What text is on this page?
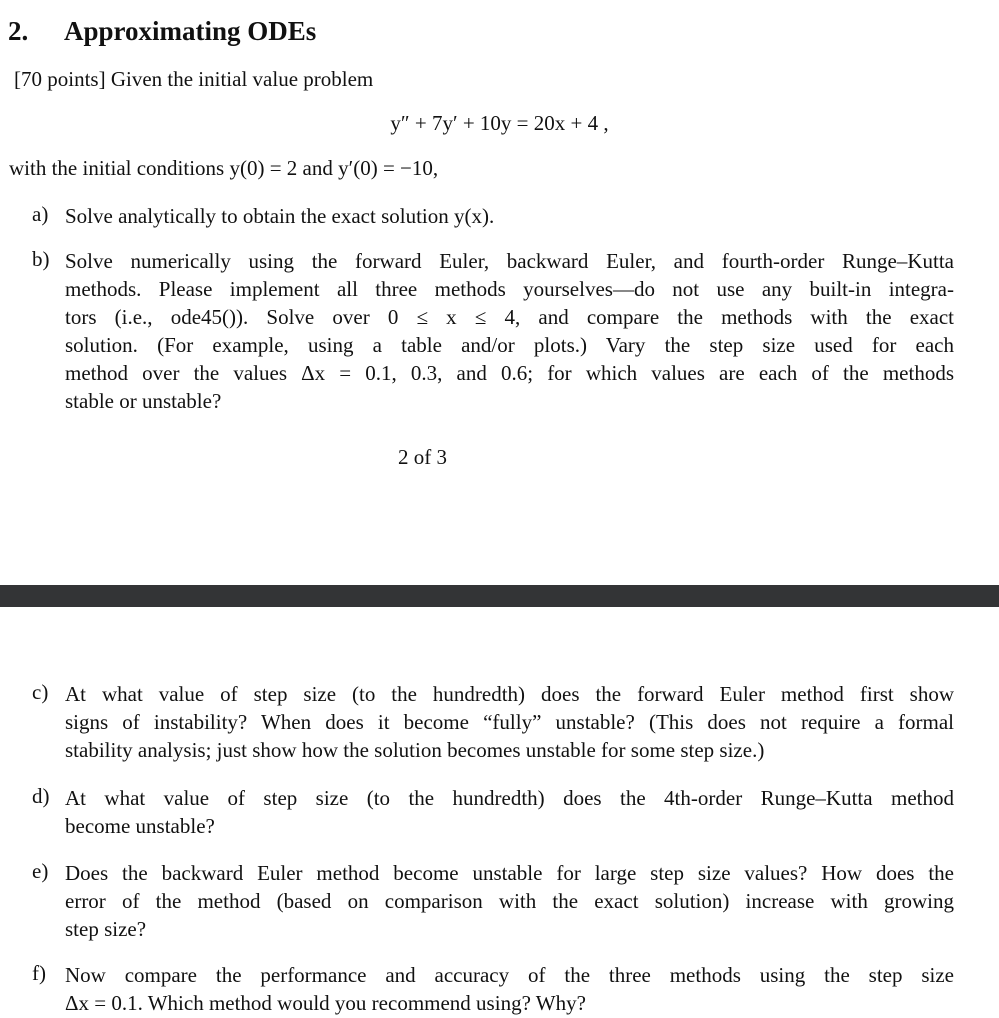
2. Approximating ODEs
[70 points] Given the initial value problem
y″ + 7y′ + 10y = 20x + 4 ,
with the initial conditions y(0) = 2 and y′(0) = −10,
a) Solve analytically to obtain the exact solution y(x).
b) Solve numerically using the forward Euler, backward Euler, and fourth-order Runge–Kutta
methods. Please implement all three methods yourselves—do not use any built-in integra-
tors (i.e., ode45()). Solve over 0 ≤ x ≤ 4, and compare the methods with the exact
solution. (For example, using a table and/or plots.) Vary the step size used for each
method over the values Δx = 0.1, 0.3, and 0.6; for which values are each of the methods
stable or unstable?
2 of 3
c) At what value of step size (to the hundredth) does the forward Euler method first show
signs of instability? When does it become “fully” unstable? (This does not require a formal
stability analysis; just show how the solution becomes unstable for some step size.)
d) At what value of step size (to the hundredth) does the 4th-order Runge–Kutta method
become unstable?
e) Does the backward Euler method become unstable for large step size values? How does the
error of the method (based on comparison with the exact solution) increase with growing
step size?
f) Now compare the performance and accuracy of the three methods using the step size
Δx = 0.1. Which method would you recommend using? Why?
